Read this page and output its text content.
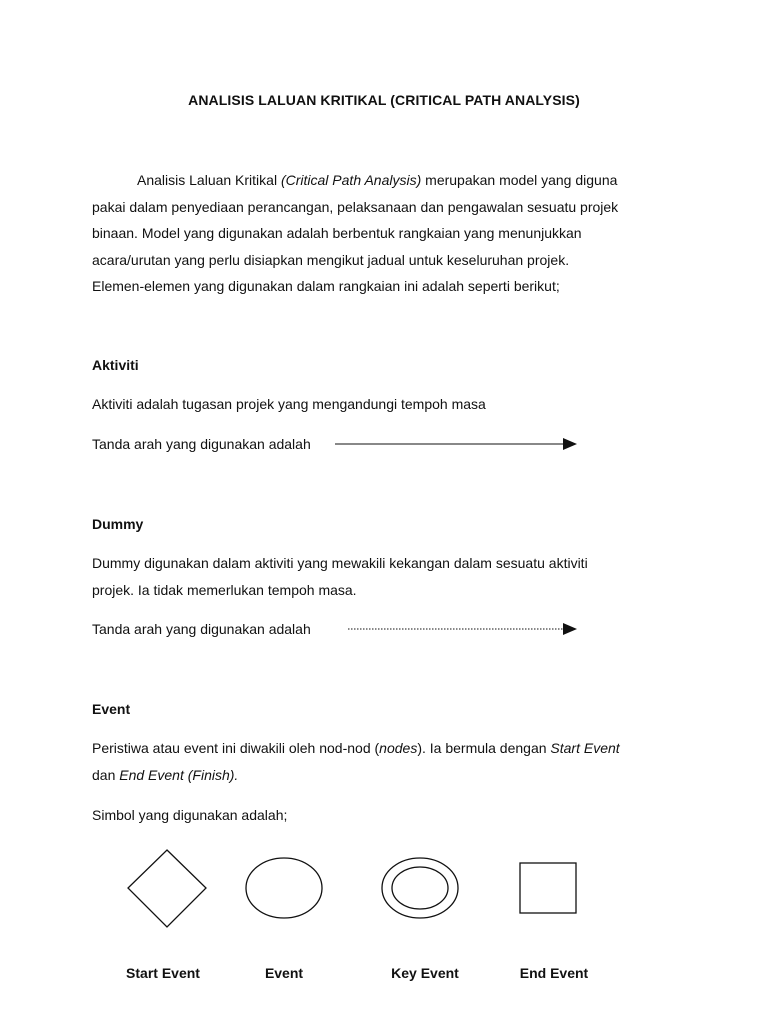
ANALISIS LALUAN KRITIKAL (CRITICAL PATH ANALYSIS)
Analisis Laluan Kritikal (Critical Path Analysis) merupakan model yang diguna
pakai dalam penyediaan perancangan, pelaksanaan dan pengawalan sesuatu projek
binaan. Model yang digunakan adalah berbentuk rangkaian yang menunjukkan
acara/urutan yang perlu disiapkan mengikut jadual untuk keseluruhan projek.
Elemen-elemen yang digunakan dalam rangkaian ini adalah seperti berikut;
Aktiviti
Aktiviti adalah tugasan projek yang mengandungi tempoh masa
Tanda arah yang digunakan adalah
Dummy
Dummy digunakan dalam aktiviti yang mewakili kekangan dalam sesuatu aktiviti
projek. Ia tidak memerlukan tempoh masa.
Tanda arah yang digunakan adalah
Event
Peristiwa atau event ini diwakili oleh nod-nod (nodes). Ia bermula dengan Start Event
dan End Event (Finish).
Simbol yang digunakan adalah;
Start Event	Event	Key Event	End Event
